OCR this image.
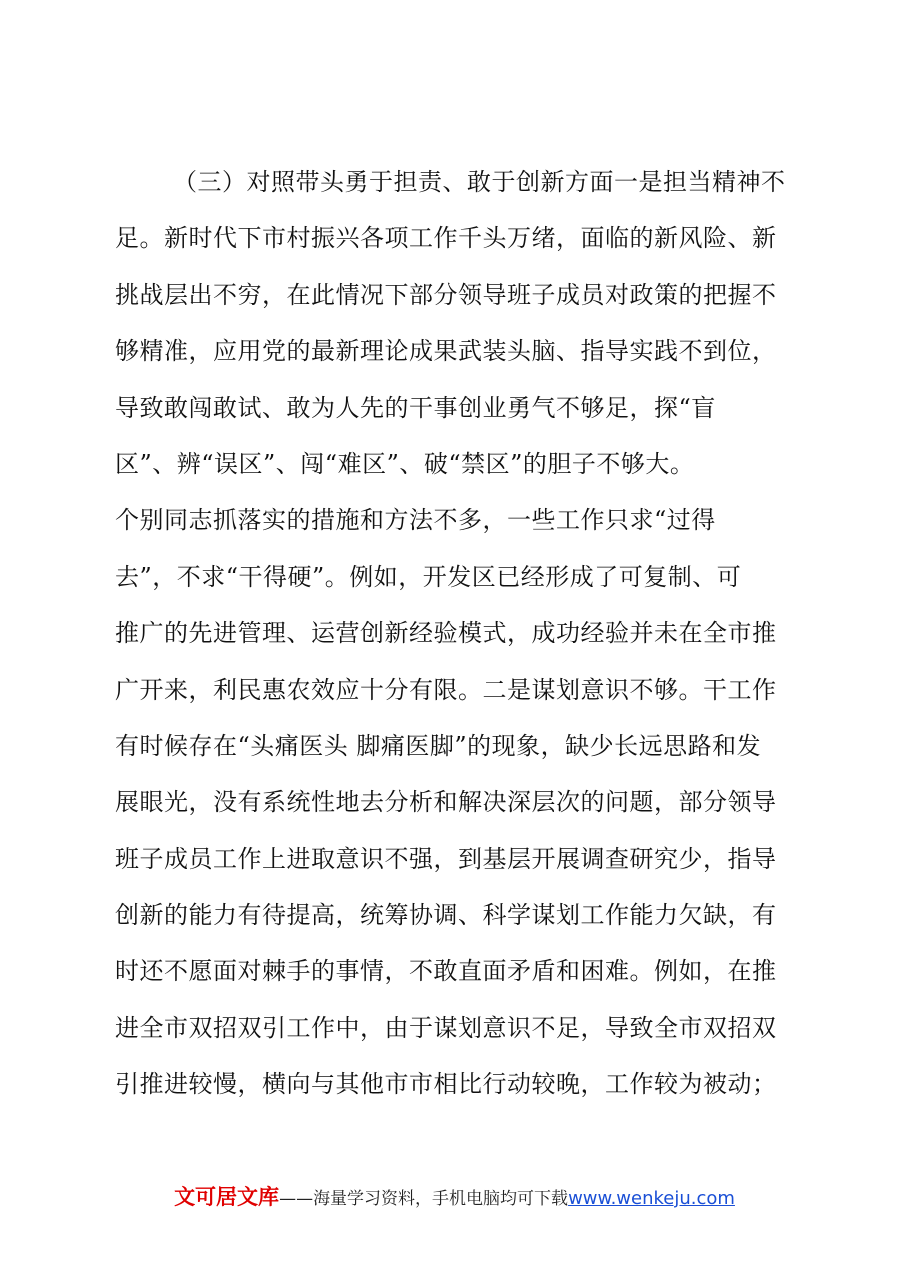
（三）对照带头勇于担责、敢于创新方面一是担当精神不
足。新时代下市村振兴各项工作千头万绪，面临的新风险、新
挑战层出不穷，在此情况下部分领导班子成员对政策的把握不
够精准，应用党的最新理论成果武装头脑、指导实践不到位，
导致敢闯敢试、敢为人先的干事创业勇气不够足，探“盲
区”、辨“误区”、闯“难区”、破“禁区”的胆子不够大。
个别同志抓落实的措施和方法不多，一些工作只求“过得
去”，不求“干得硬”。例如，开发区已经形成了可复制、可
推广的先进管理、运营创新经验模式，成功经验并未在全市推
广开来，利民惠农效应十分有限。二是谋划意识不够。干工作
有时候存在“头痛医头 脚痛医脚”的现象，缺少长远思路和发
展眼光，没有系统性地去分析和解决深层次的问题，部分领导
班子成员工作上进取意识不强，到基层开展调查研究少，指导
创新的能力有待提高，统筹协调、科学谋划工作能力欠缺，有
时还不愿面对棘手的事情，不敢直面矛盾和困难。例如，在推
进全市双招双引工作中，由于谋划意识不足，导致全市双招双
引推进较慢，横向与其他市市相比行动较晚，工作较为被动；
文可居文库——海量学习资料，手机电脑均可下载www.wenkeju.com
